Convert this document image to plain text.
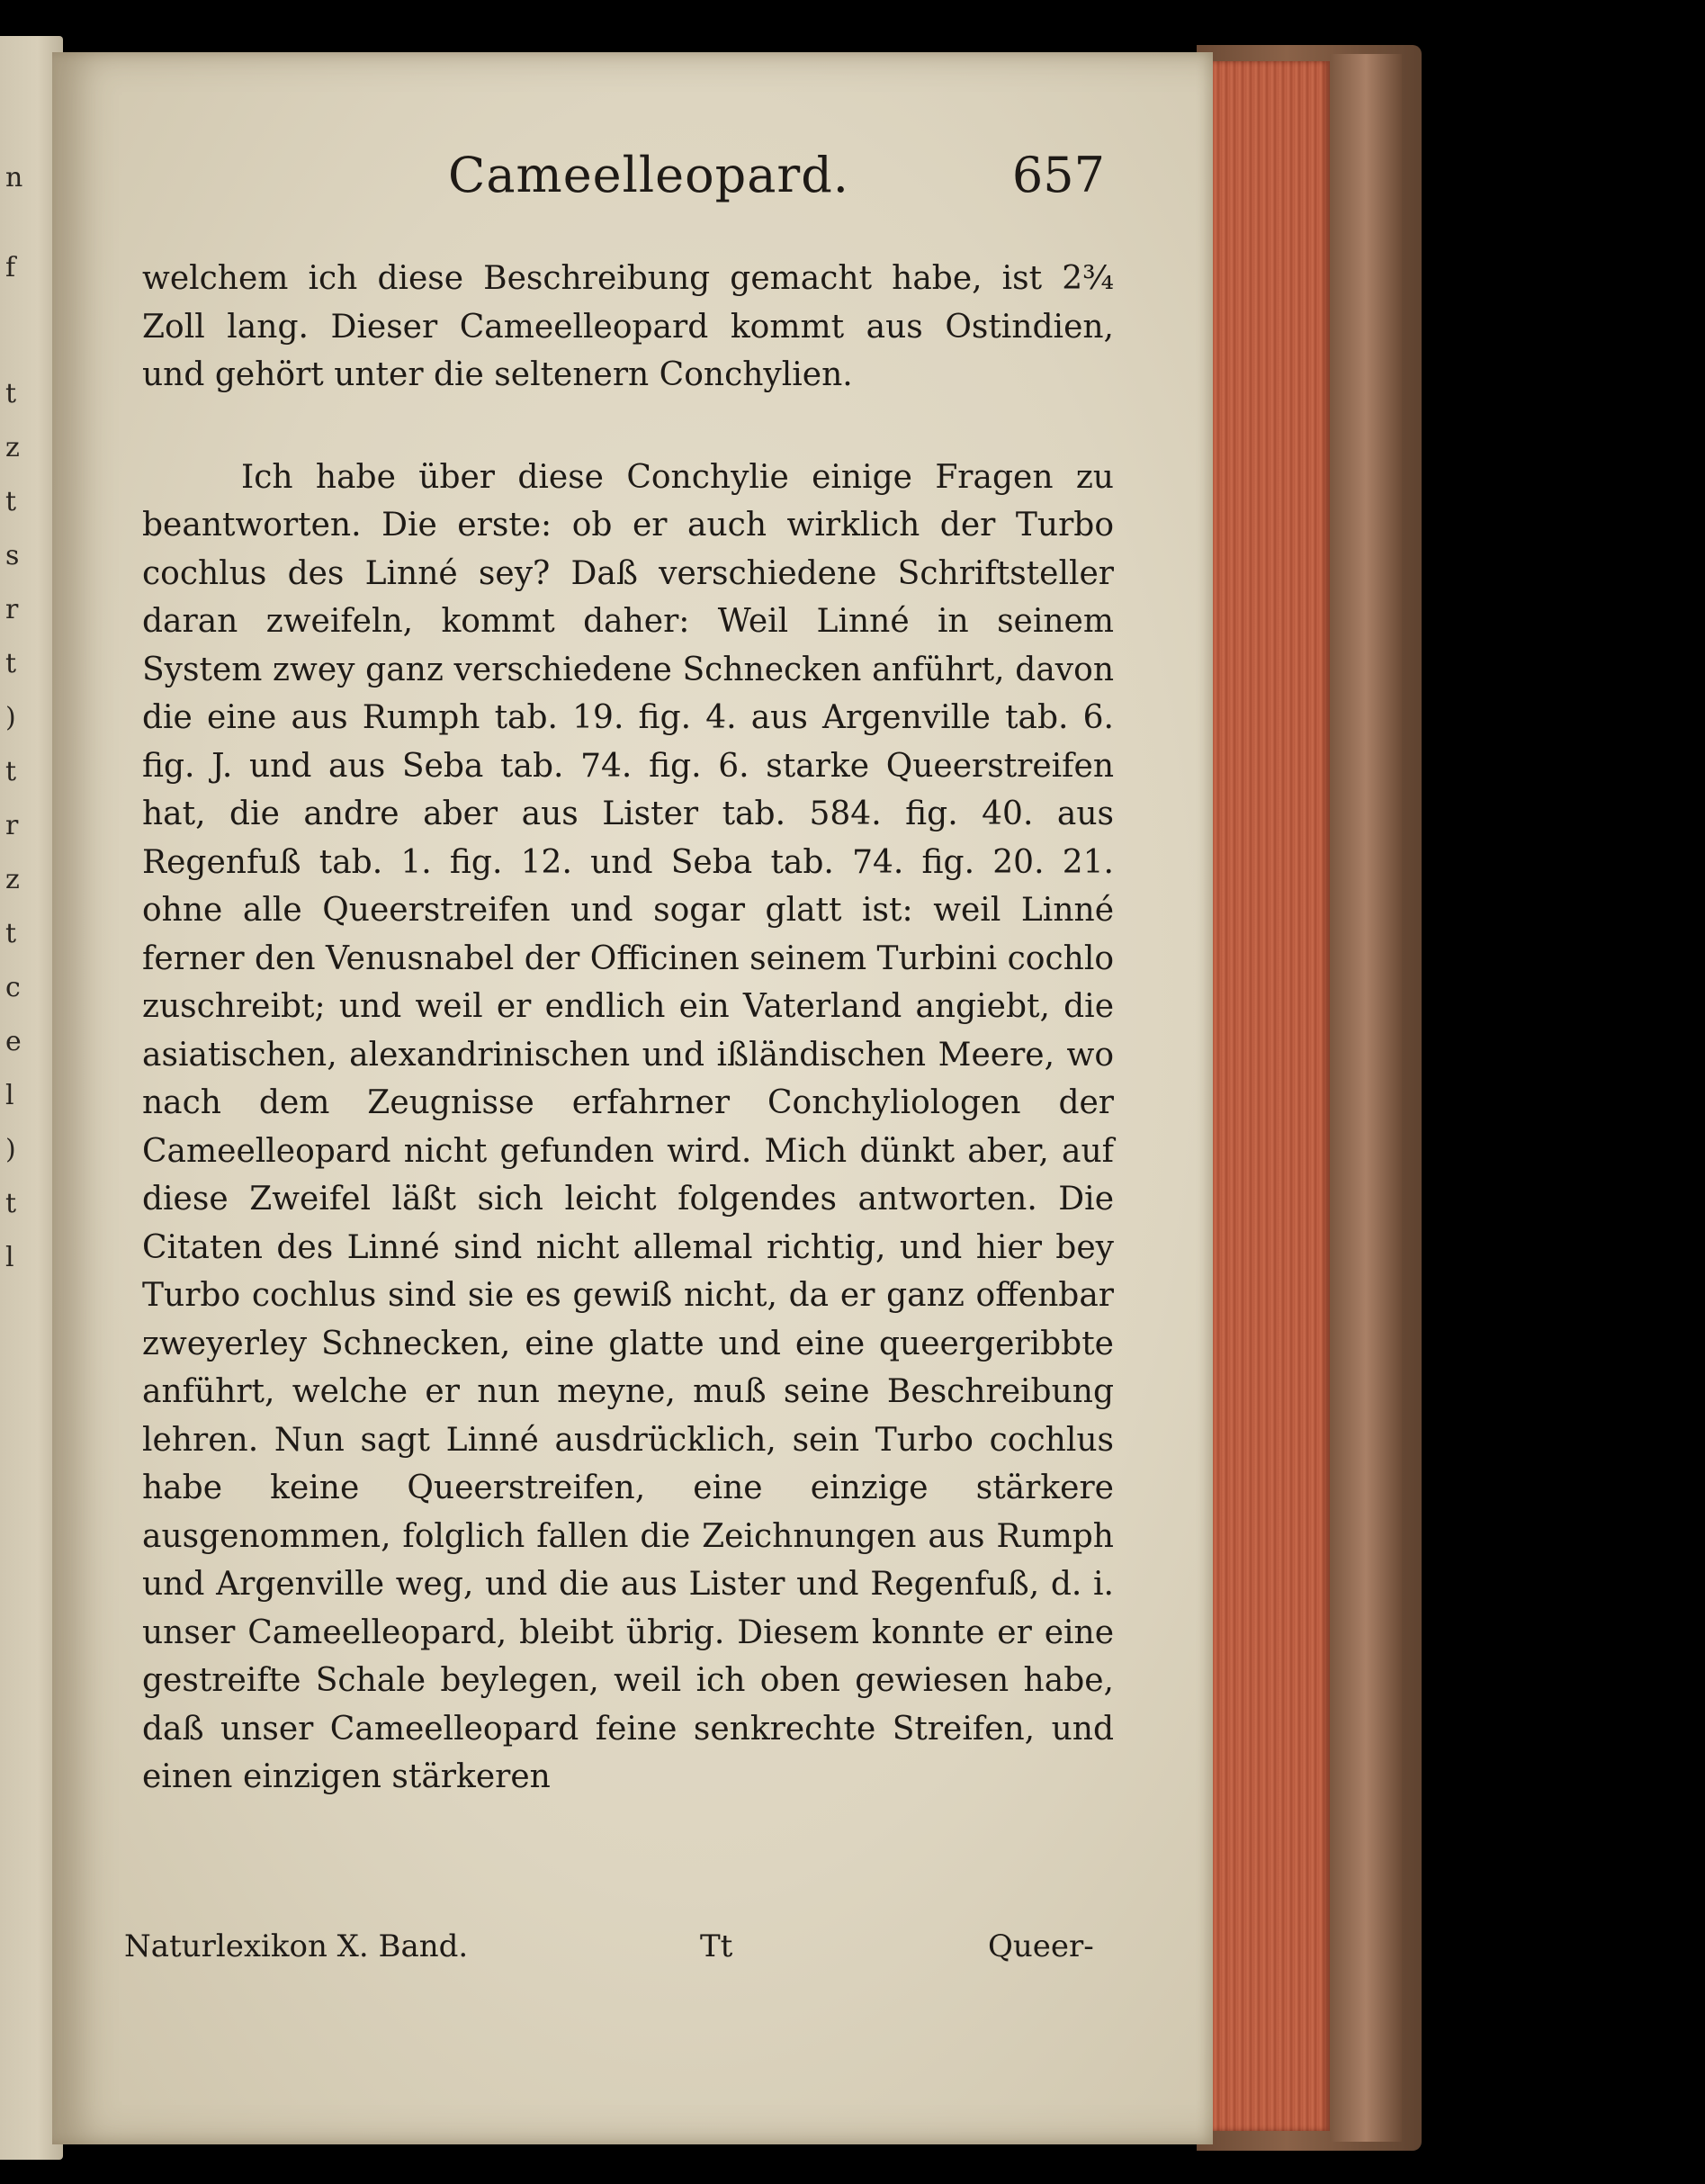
n
f
t
z
t
s
r
t
)
t
r
z
t
c
e
l
)
t
l
Cameelleopard.	657

welchem ich diese Beschreibung gemacht habe, ist 2¾ Zoll lang. Dieser Cameelleopard kommt aus Ostindien, und gehört unter die seltenern Conchylien.

Ich habe über diese Conchylie einige Fragen zu beantworten. Die erste: ob er auch wirklich der Turbo cochlus des Linné sey? Daß verschiedene Schriftsteller daran zweifeln, kommt daher: Weil Linné in seinem System zwey ganz verschiedene Schnecken anführt, davon die eine aus Rumph tab. 19. fig. 4. aus Argenville tab. 6. fig. J. und aus Seba tab. 74. fig. 6. starke Queerstreifen hat, die andre aber aus Lister tab. 584. fig. 40. aus Regenfuß tab. 1. fig. 12. und Seba tab. 74. fig. 20. 21. ohne alle Queerstreifen und sogar glatt ist: weil Linné ferner den Venusnabel der Officinen seinem Turbini cochlo zuschreibt; und weil er endlich ein Vaterland angiebt, die asiatischen, alexandrinischen und ißländischen Meere, wo nach dem Zeugnisse erfahrner Conchyliologen der Cameelleopard nicht gefunden wird. Mich dünkt aber, auf diese Zweifel läßt sich leicht folgendes antworten. Die Citaten des Linné sind nicht allemal richtig, und hier bey Turbo cochlus sind sie es gewiß nicht, da er ganz offenbar zweyerley Schnecken, eine glatte und eine queergeribbte anführt, welche er nun meyne, muß seine Beschreibung lehren. Nun sagt Linné ausdrücklich, sein Turbo cochlus habe keine Queerstreifen, eine einzige stärkere ausgenommen, folglich fallen die Zeichnungen aus Rumph und Argenville weg, und die aus Lister und Regenfuß, d. i. unser Cameelleopard, bleibt übrig. Diesem konnte er eine gestreifte Schale beylegen, weil ich oben gewiesen habe, daß unser Cameelleopard feine senkrechte Streifen, und einen einzigen stärkeren

Naturlexikon X. Band.	Tt	Queer-
